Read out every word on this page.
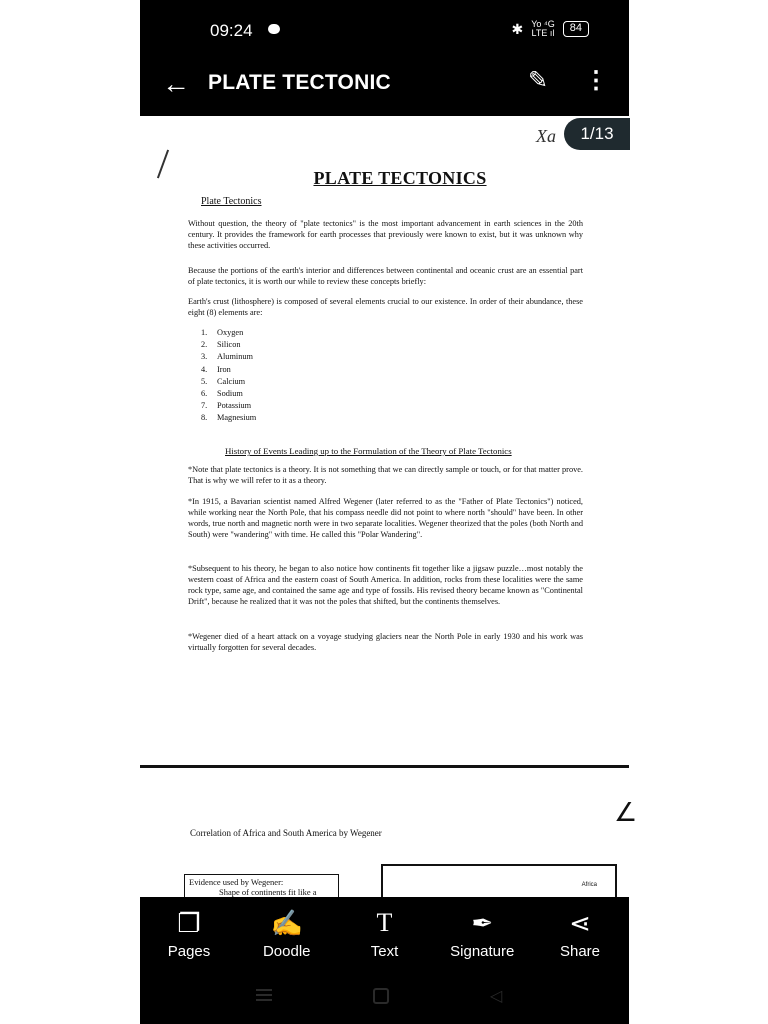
09:24	✱ Yo ⁴G
LTE ıl	84
← PLATE TECTONIC	✎ ⋮
Xa
PLATE TECTONICS
Plate Tectonics

Without question, the theory of "plate tectonics" is the most important advancement in earth sciences in the 20th century. It provides the framework for earth processes that previously were known to exist, but it was unknown why these activities occurred.

Because the portions of the earth's interior and differences between continental and oceanic crust are an essential part of plate tectonics, it is worth our while to review these concepts briefly:

Earth's crust (lithosphere) is composed of several elements crucial to our existence. In order of their abundance, these eight (8) elements are:

1. Oxygen
2. Silicon
3. Aluminum
4. Iron
5. Calcium
6. Sodium
7. Potassium
8. Magnesium
History of Events Leading up to the Formulation of the Theory of Plate Tectonics

*Note that plate tectonics is a theory. It is not something that we can directly sample or touch, or for that matter prove. That is why we will refer to it as a theory.

*In 1915, a Bavarian scientist named Alfred Wegener (later referred to as the "Father of Plate Tectonics") noticed, while working near the North Pole, that his compass needle did not point to where north "should" have been. In other words, true north and magnetic north were in two separate localities. Wegener theorized that the poles (both North and South) were "wandering" with time. He called this "Polar Wandering".

*Subsequent to his theory, he began to also notice how continents fit together like a jigsaw puzzle…most notably the western coast of Africa and the eastern coast of South America. In addition, rocks from these localities were the same rock type, same age, and contained the same age and type of fossils. His revised theory became known as "Continental Drift", because he realized that it was not the poles that shifted, but the continents themselves.

*Wegener died of a heart attack on a voyage studying glaciers near the North Pole in early 1930 and his work was virtually forgotten for several decades.

∠
Correlation of Africa and South America by Wegener
Evidence used by Wegener:
Shape of continents fit like a
Africa
1/13
❐
Pages
✍
Doodle
T
Text
✒
Signature
⋖
Share
◁
